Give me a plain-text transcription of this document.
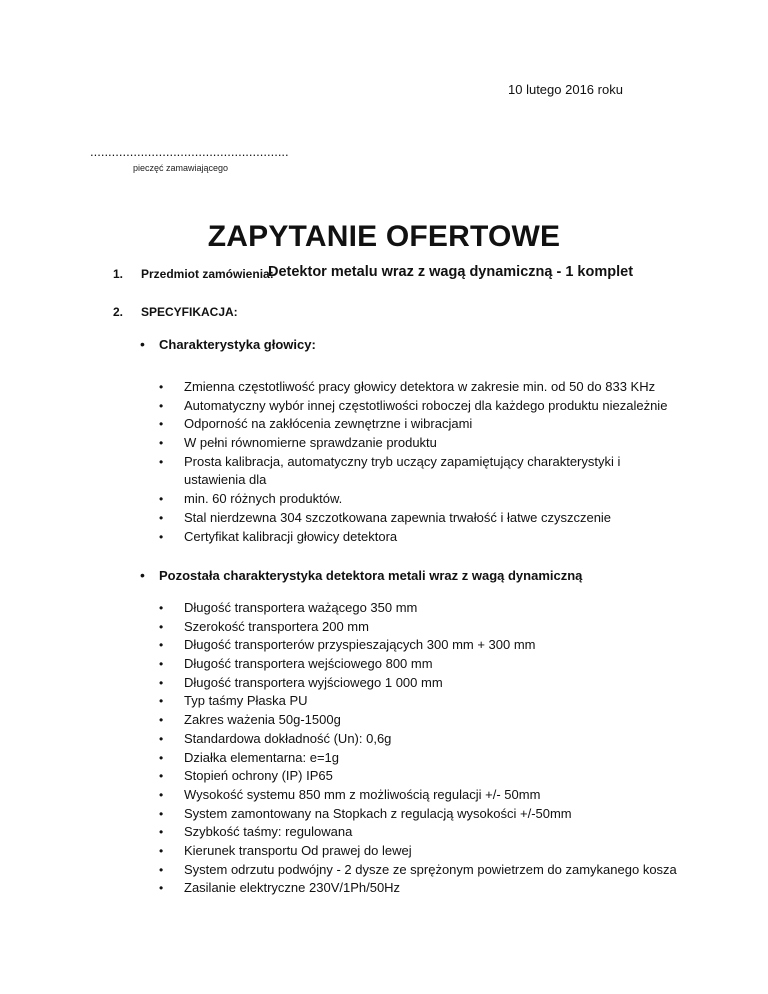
10 lutego 2016 roku
.......................................................
pieczęć zamawiającego
ZAPYTANIE OFERTOWE
1. Przedmiot zamówienia:
Detektor metalu wraz z wagą dynamiczną - 1 komplet
2. SPECYFIKACJA:
• Charakterystyka głowicy:
• Zmienna częstotliwość pracy głowicy detektora w zakresie min. od 50 do 833 KHz
• Automatyczny wybór innej częstotliwości roboczej dla każdego produktu niezależnie
• Odporność na zakłócenia zewnętrzne i wibracjami
• W pełni równomierne sprawdzanie produktu
• Prosta kalibracja, automatyczny tryb uczący zapamiętujący charakterystyki i
ustawienia dla
• min. 60 różnych produktów.
• Stal nierdzewna 304 szczotkowana zapewnia trwałość i łatwe czyszczenie
• Certyfikat kalibracji głowicy detektora
• Pozostała charakterystyka detektora metali wraz z wagą dynamiczną
• Długość transportera ważącego 350 mm
• Szerokość transportera 200 mm
• Długość transporterów przyspieszających 300 mm + 300 mm
• Długość transportera wejściowego 800 mm
• Długość transportera wyjściowego 1 000 mm
• Typ taśmy Płaska PU
• Zakres ważenia 50g-1500g
• Standardowa dokładność (Un): 0,6g
• Działka elementarna: e=1g
• Stopień ochrony (IP) IP65
• Wysokość systemu 850 mm z możliwością regulacji +/- 50mm
• System zamontowany na Stopkach z regulacją wysokości +/-50mm
• Szybkość taśmy: regulowana
• Kierunek transportu Od prawej do lewej
• System odrzutu podwójny - 2 dysze ze sprężonym powietrzem do zamykanego kosza
• Zasilanie elektryczne 230V/1Ph/50Hz
